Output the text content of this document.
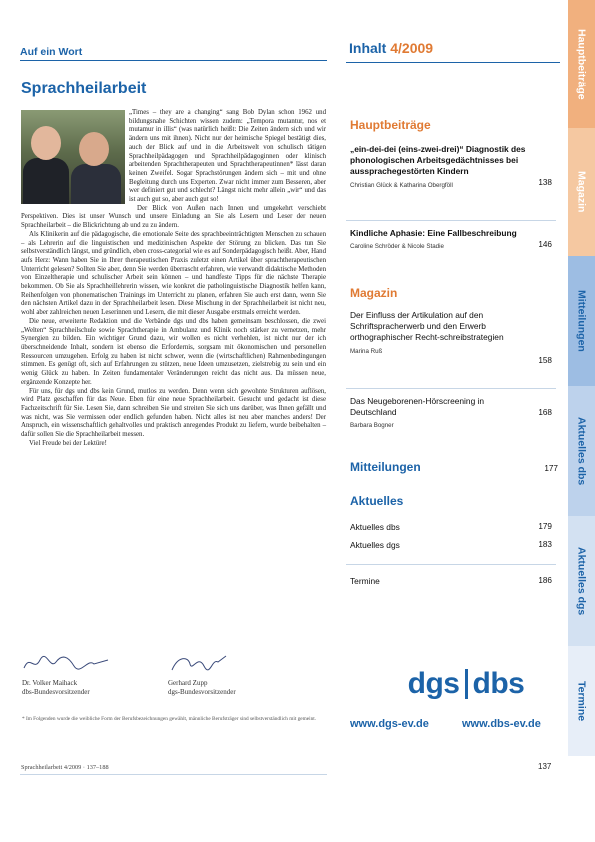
Auf ein Wort
Sprachheilarbeit

„Times – they are a changing“ sang Bob Dylan schon 1962 und bildungsnahe Schichten wissen zudem: „Tempora mutantur, nos et mutamur in illis“ (was natürlich heißt: Die Zeiten ändern sich und wir ändern uns mit ihnen). Nicht nur der heimische Spiegel bestätigt dies, auch der Blick auf und in die Arbeitswelt von schulisch tätigen Sprachheilpädagogen und Sprachheilpädagoginnen oder klinisch arbeitenden Sprachtherapeuten und Sprachtherapeutinnen* lässt daran keinen Zweifel. Sogar Sprachstörungen ändern sich – mit und ohne Begleitung durch uns Experten. Zwar nicht immer zum Besseren, aber wer definiert gut und schlecht? Längst nicht mehr allein „wir“ und das ist auch gut so, aber auch gut so!

Der Blick von Außen nach Innen und umgekehrt verschiebt Perspektiven. Dies ist unser Wunsch und unsere Einladung an Sie als Lesern und Leser der neuen Sprachheilarbeit – die Blickrichtung ab und zu zu ändern.

Als Klinikerin auf die pädagogische, die emotionale Seite des sprachbeeinträchtigten Menschen zu schauen – als Lehrerin auf die linguistischen und medizinischen Aspekte der Störung zu blicken. Das tun Sie selbstverständlich längst, und gründlich, eben cross-categorial wie es auf Sonderpädagogisch heißt. Aber, Hand aufs Herz: Wann haben Sie in Ihrer therapeutischen Praxis zuletzt einen Artikel über sprachtherapeutischen Unterricht gelesen? Sollten Sie aber, denn Sie werden überrascht erfahren, wie verwandt didaktische Methoden von Einzeltherapie und schulischer Arbeit sein können – und handfeste Tipps für die nächste Therapie bekommen. Ob Sie als Sprachheillehrerin wissen, wie konkret die patholinguistische Diagnostik helfen kann, Reihenfolgen von phonematischen Trainings im Unterricht zu planen, erfahren Sie auch erst dann, wenn Sie den nächsten Artikel dazu in der Sprachheilarbeit lesen. Diese Mischung in der Sprachheilarbeit ist nicht neu, wohl aber zahlreichen neuen Leserinnen und Lesern, die mit dieser Ausgabe erstmals erreicht werden.

Die neue, erweiterte Redaktion und die Verbände dgs und dbs haben gemeinsam beschlossen, die zwei „Welten“ Sprachheilschule sowie Sprachtherapie in Ambulanz und Klinik noch stärker zu vernetzen, mehr Synergien zu bilden. Ein wichtiger Grund dazu, wir wollen es nicht verhehlen, ist nicht nur der ich überschneidende Inhalt, sondern ist ebenso die Erfordernis, sorgsam mit ökonomischen und personellen Ressourcen umzugehen. Erfolg zu haben ist nicht schwer, wenn die (wirtschaftlichen) Rahmenbedingungen stimmen. Es genügt oft, sich auf Erfahrungen zu stützen, neue Ideen umzusetzen, zielstrebig zu sein und ein wenig Glück zu haben. In Zeiten fundamentaler Veränderungen reicht das nicht aus. Da müssen neue, ergänzende Konzepte her.

Für uns, für dgs und dbs kein Grund, mutlos zu werden. Denn wenn sich gewohnte Strukturen auflösen, wird Platz geschaffen für das Neue. Eben für eine neue Sprachheilarbeit. Gesucht und gedacht ist diese Fachzeitschrift für Sie. Lesen Sie, dann schreiben Sie und streiten Sie sich uns darüber, was Ihnen gefällt und was nicht, was Sie vermissen oder endlich gefunden haben. Nicht alles ist neu aber manches anders! Der Anspruch, ein wissenschaftlich gehaltvolles und praktisch anregendes Produkt zu liefern, wurde beibehalten – dafür sollen Sie die Sprachheilarbeit messen.

Viel Freude bei der Lektüre!

Dr. Volker Maihack
dbs-Bundesvorsitzender
Gerhard Zupp
dgs-Bundesvorsitzender
* Im Folgenden wurde die weibliche Form der Berufsbezeichnungen gewählt, männliche Berufsträger sind selbstverständlich mit gemeint.
Sprachheilarbeit 4/2009 · 137–188
Inhalt 4/2009
Hauptbeiträge
„ein-dei-dei (eins-zwei-drei)“ Diagnostik des phonologischen Arbeitsgedächtnisses bei aussprachegestörten Kindern
138
Christian Glück & Katharina Obergföll
Kindliche Aphasie: Eine Fallbeschreibung
146
Caroline Schröder & Nicole Stadie
Magazin
Der Einfluss der Artikulation auf den Schriftspracherwerb und den Erwerb orthographischer Recht-schreibstrategien
158
Marina Ruß
Das Neugeborenen-Hörscreening in Deutschland	168
Barbara Bogner
Mitteilungen	177
Aktuelles
Aktuelles dbs	179
Aktuelles dgs	183
Termine	186
dgs dbs
www.dgs-ev.de	www.dbs-ev.de
137
Hauptbeiträge
Magazin
Mitteilungen
Aktuelles dbs
Aktuelles dgs
Termine
